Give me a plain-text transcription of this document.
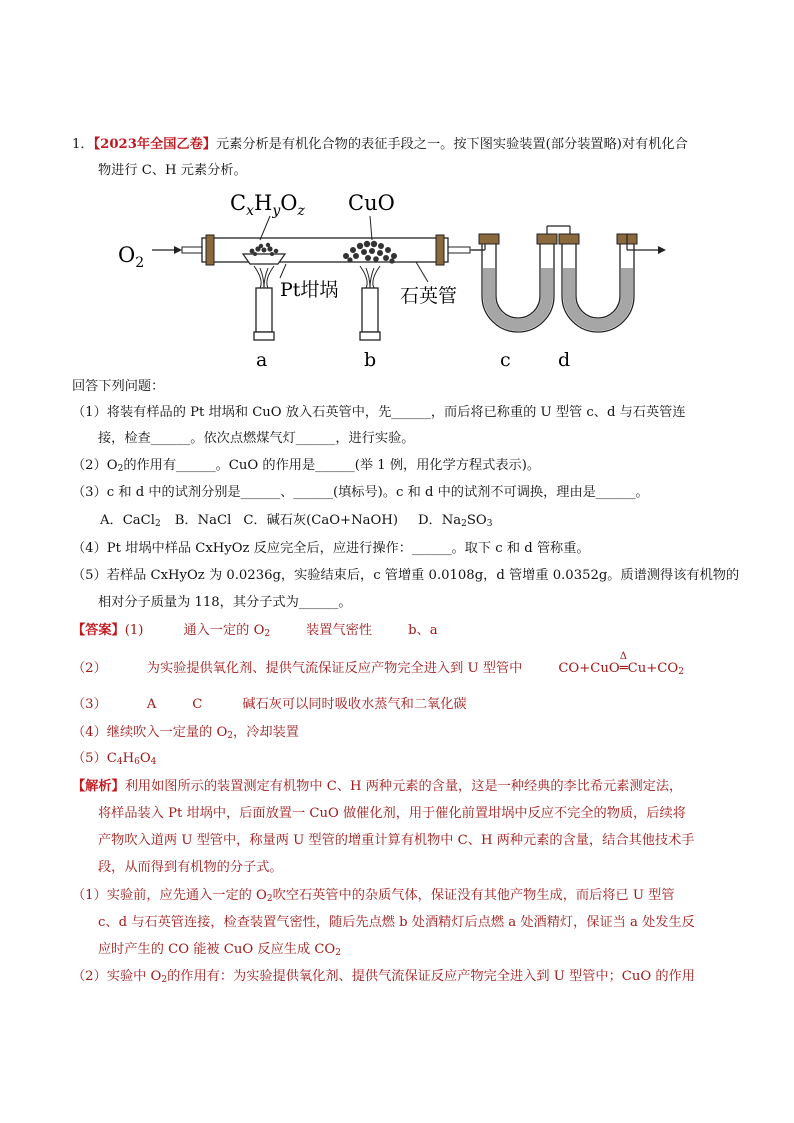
1．【2023年全国乙卷】元素分析是有机化合物的表征手段之一。按下图实验装置(部分装置略)对有机化合
物进行 C、H 元素分析。
$C_xH_yO_z$ CuO
$O_2$
a
Pt坩埚
b
石英管
c d
回答下列问题：
（1）将装有样品的 Pt 坩埚和 CuO 放入石英管中，先______，而后将已称重的 U 型管 c、d 与石英管连
接，检查______。依次点燃煤气灯______，进行实验。
$(2)O_2$的作用有______。CuO 的作用是______(举 1 例，用化学方程式表示)。
（3）c 和 d 中的试剂分别是______、______(填标号)。c 和 d 中的试剂不可调换，理由是______。
A．CaCl$_2$ B．NaCl C．碱石灰(CaO+NaOH) D．$Na_2SO_3$
（4）Pt 坩埚中样品 CxHyOz 反应完全后，应进行操作：______。取下 c 和 d 管称重。
（5）若样品 CxHyOz 为 0.0236g，实验结束后，c 管增重 0.0108g，d 管增重 0.0352g。质谱测得该有机物的
相对分子质量为 118，其分子式为______。
【答案】(1)	通入一定的 $O_2$	装置气密性	b、a
（2）	为实验提供氧化剂、提供气流保证反应产物完全进入到 U 型管中	CO+CuO
Δ
$═Cu+CO_2$
（3）	A	C	碱石灰可以同时吸收水蒸气和二氧化碳
（4）继续吹入一定量的 $O_2$，冷却装置
$(5)C_4H_6O_4$
【解析】利用如图所示的装置测定有机物中 C、H 两种元素的含量，这是一种经典的李比希元素测定法，
将样品装入 Pt 坩埚中，后面放置一 CuO 做催化剂，用于催化前置坩埚中反应不完全的物质，后续将
产物吹入道两 U 型管中，称量两 U 型管的增重计算有机物中 C、H 两种元素的含量，结合其他技术手
段，从而得到有机物的分子式。
（1）实验前，应先通入一定的 $O_2$吹空石英管中的杂质气体，保证没有其他产物生成，而后将已 U 型管
c、d 与石英管连接，检查装置气密性，随后先点燃 b 处酒精灯后点燃 a 处酒精灯，保证当 a 处发生反
应时产生的 CO 能被 CuO 反应生成 $CO_2$
（2）实验中 $O_2$的作用有：为实验提供氧化剂、提供气流保证反应产物完全进入到 U 型管中；CuO 的作用
